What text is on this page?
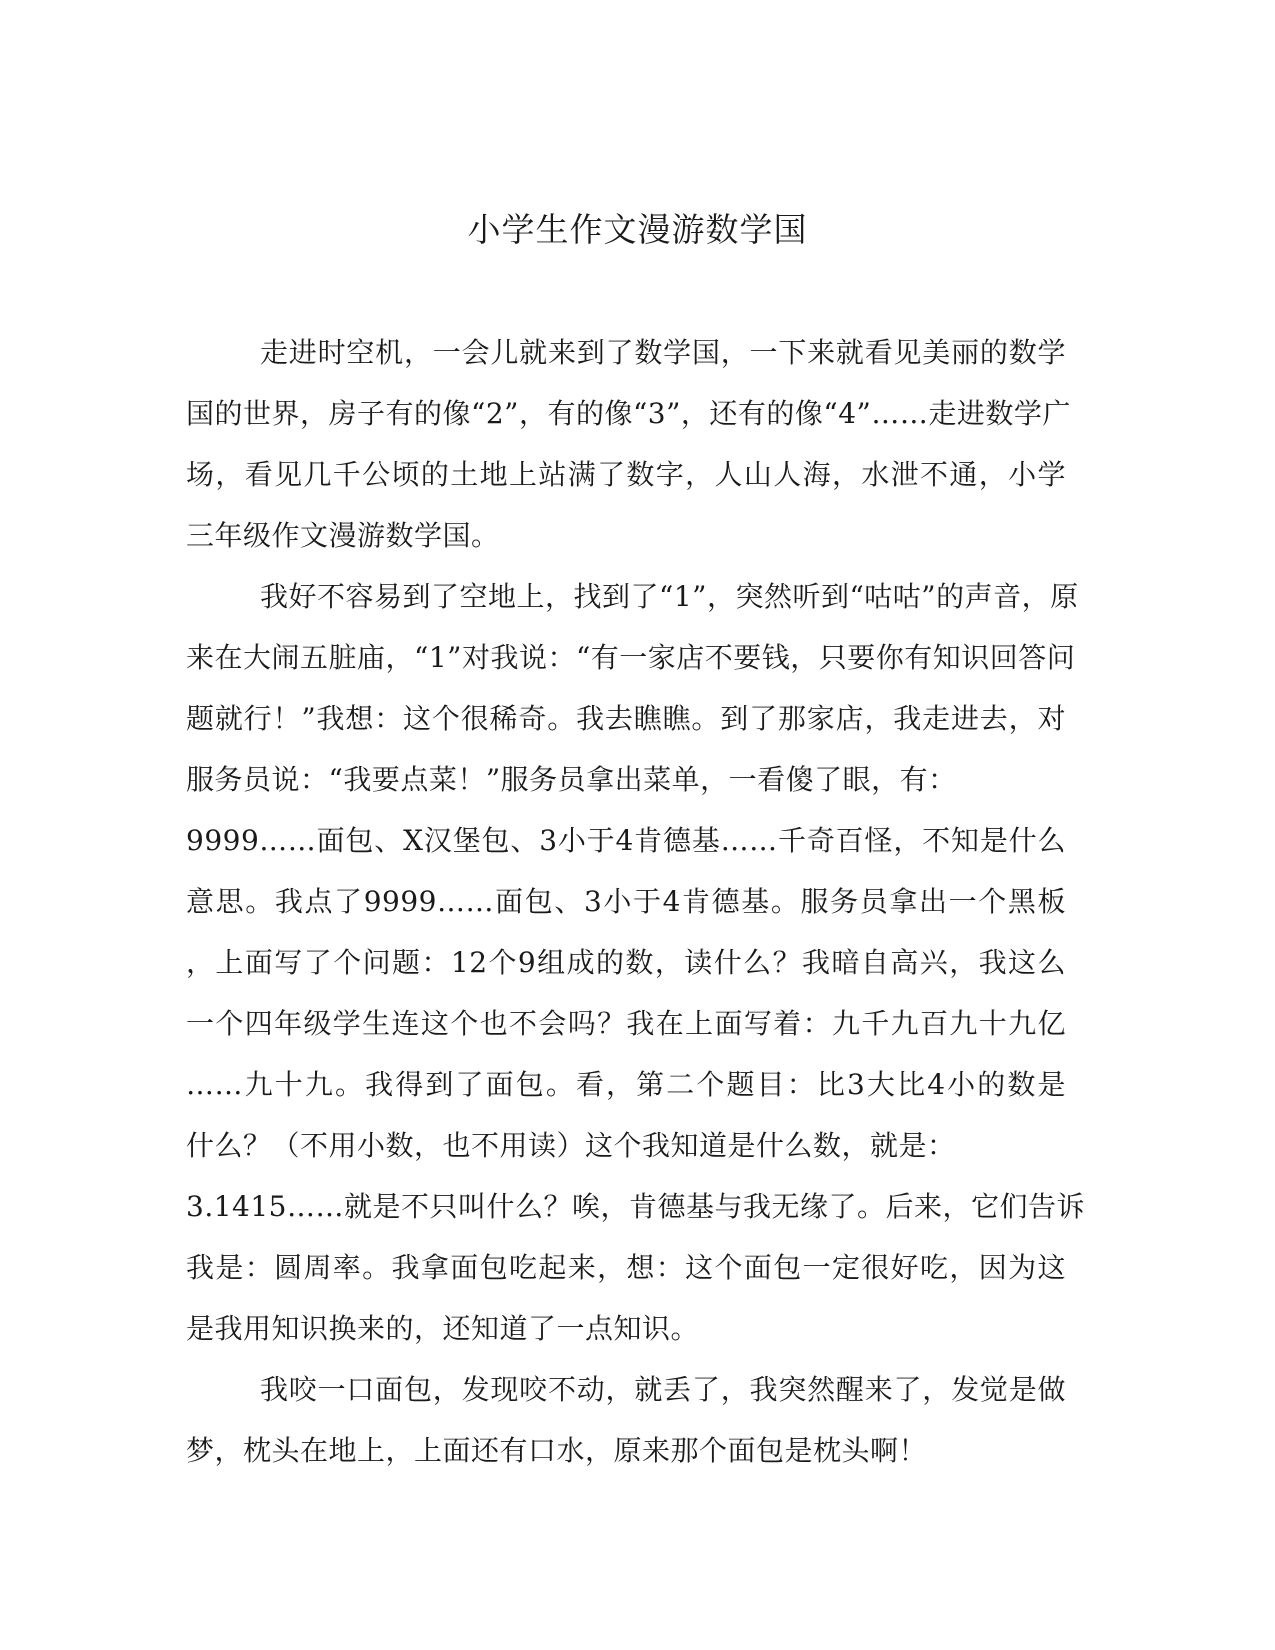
小学生作文漫游数学国
走进时空机，一会儿就来到了数学国，一下来就看见美丽的数学
国的世界，房子有的像“2”，有的像“3”，还有的像“4”……走进数学广
场，看见几千公顷的土地上站满了数字，人山人海，水泄不通，小学
三年级作文漫游数学国。
我好不容易到了空地上，找到了“1”，突然听到“咕咕”的声音，原
来在大闹五脏庙，“1”对我说：“有一家店不要钱，只要你有知识回答问
题就行！”我想：这个很稀奇。我去瞧瞧。到了那家店，我走进去，对
服务员说：“我要点菜！”服务员拿出菜单，一看傻了眼，有：
9999……面包、X汉堡包、3小于4肯德基……千奇百怪，不知是什么
意思。我点了9999……面包、3小于4肯德基。服务员拿出一个黑板
，上面写了个问题：12个9组成的数，读什么？我暗自高兴，我这么
一个四年级学生连这个也不会吗？我在上面写着：九千九百九十九亿
……九十九。我得到了面包。看，第二个题目：比3大比4小的数是
什么？（不用小数，也不用读）这个我知道是什么数，就是：
3.1415……就是不只叫什么？唉，肯德基与我无缘了。后来，它们告诉
我是：圆周率。我拿面包吃起来，想：这个面包一定很好吃，因为这
是我用知识换来的，还知道了一点知识。
我咬一口面包，发现咬不动，就丢了，我突然醒来了，发觉是做
梦，枕头在地上，上面还有口水，原来那个面包是枕头啊！
